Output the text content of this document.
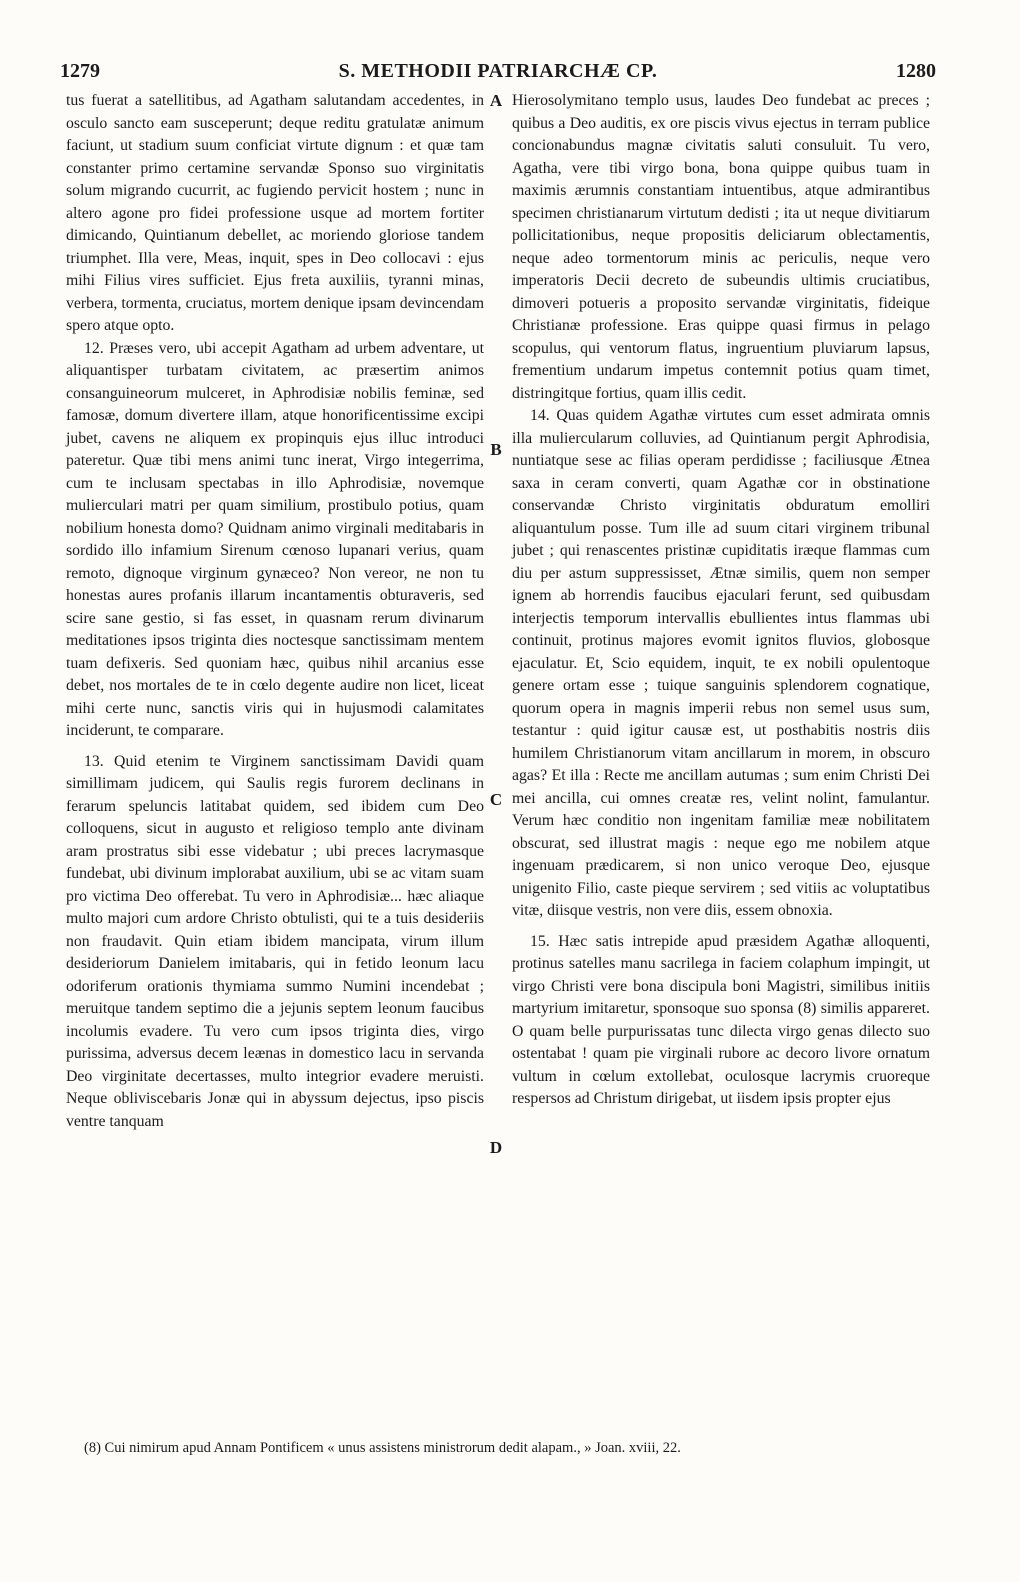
1279	S. METHODII PATRIARCHÆ CP.	1280

tus fuerat a satellitibus, ad Agatham salutandam accedentes, in osculo sancto eam susceperunt; deque reditu gratulatæ animum faciunt, ut stadium suum conficiat virtute dignum : et quæ tam constanter primo certamine servandæ Sponso suo virginitatis solum migrando cucurrit, ac fugiendo pervicit hostem ; nunc in altero agone pro fidei professione usque ad mortem fortiter dimicando, Quintianum debellet, ac moriendo gloriose tandem triumphet. Illa vere, Meas, inquit, spes in Deo collocavi : ejus mihi Filius vires sufficiet. Ejus freta auxiliis, tyranni minas, verbera, tormenta, cruciatus, mortem denique ipsam devincendam spero atque opto.

12. Præses vero, ubi accepit Agatham ad urbem adventare, ut aliquantisper turbatam civitatem, ac præsertim animos consanguineorum mulceret, in Aphrodisiæ nobilis feminæ, sed famosæ, domum divertere illam, atque honorificentissime excipi jubet, cavens ne aliquem ex propinquis ejus illuc introduci pateretur. Quæ tibi mens animi tunc inerat, Virgo integerrima, cum te inclusam spectabas in illo Aphrodisiæ, novemque mulierculari matri per quam similium, prostibulo potius, quam nobilium honesta domo? Quidnam animo virginali meditabaris in sordido illo infamium Sirenum cœnoso lupanari verius, quam remoto, dignoque virginum gynæceo? Non vereor, ne non tu honestas aures profanis illarum incantamentis obturaveris, sed scire sane gestio, si fas esset, in quasnam rerum divinarum meditationes ipsos triginta dies noctesque sanctissimam mentem tuam defixeris. Sed quoniam hæc, quibus nihil arcanius esse debet, nos mortales de te in cœlo degente audire non licet, liceat mihi certe nunc, sanctis viris qui in hujusmodi calamitates inciderunt, te comparare.

13. Quid etenim te Virginem sanctissimam Davidi quam simillimam judicem, qui Saulis regis furorem declinans in ferarum speluncis latitabat quidem, sed ibidem cum Deo colloquens, sicut in augusto et religioso templo ante divinam aram prostratus sibi esse videbatur ; ubi preces lacrymasque fundebat, ubi divinum implorabat auxilium, ubi se ac vitam suam pro victima Deo offerebat. Tu vero in Aphrodisiæ... hæc aliaque multo majori cum ardore Christo obtulisti, qui te a tuis desideriis non fraudavit. Quin etiam ibidem mancipata, virum illum desideriorum Danielem imitabaris, qui in fetido leonum lacu odoriferum orationis thymiama summo Numini incendebat ; meruitque tandem septimo die a jejunis septem leonum faucibus incolumis evadere. Tu vero cum ipsos triginta dies, virgo purissima, adversus decem leænas in domestico lacu in servanda Deo virginitate decertasses, multo integrior evadere meruisti. Neque obliviscebaris Jonæ qui in abyssum dejectus, ipso piscis ventre tanquam

Hierosolymitano templo usus, laudes Deo fundebat ac preces ; quibus a Deo auditis, ex ore piscis vivus ejectus in terram publice concionabundus magnæ civitatis saluti consuluit. Tu vero, Agatha, vere tibi virgo bona, bona quippe quibus tuam in maximis ærumnis constantiam intuentibus, atque admirantibus specimen christianarum virtutum dedisti ; ita ut neque divitiarum pollicitationibus, neque propositis deliciarum oblectamentis, neque adeo tormentorum minis ac periculis, neque vero imperatoris Decii decreto de subeundis ultimis cruciatibus, dimoveri potueris a proposito servandæ virginitatis, fideique Christianæ professione. Eras quippe quasi firmus in pelago scopulus, qui ventorum flatus, ingruentium pluviarum lapsus, frementium undarum impetus contemnit potius quam timet, distringitque fortius, quam illis cedit.

14. Quas quidem Agathæ virtutes cum esset admirata omnis illa muliercularum colluvies, ad Quintianum pergit Aphrodisia, nuntiatque sese ac filias operam perdidisse ; faciliusque Ætnea saxa in ceram converti, quam Agathæ cor in obstinatione conservandæ Christo virginitatis obduratum emolliri aliquantulum posse. Tum ille ad suum citari virginem tribunal jubet ; qui renascentes pristinæ cupiditatis iræque flammas cum diu per astum suppressisset, Ætnæ similis, quem non semper ignem ab horrendis faucibus ejaculari ferunt, sed quibusdam interjectis temporum intervallis ebullientes intus flammas ubi continuit, protinus majores evomit ignitos fluvios, globosque ejaculatur. Et, Scio equidem, inquit, te ex nobili opulentoque genere ortam esse ; tuique sanguinis splendorem cognatique, quorum opera in magnis imperii rebus non semel usus sum, testantur : quid igitur causæ est, ut posthabitis nostris diis humilem Christianorum vitam ancillarum in morem, in obscuro agas? Et illa : Recte me ancillam autumas ; sum enim Christi Dei mei ancilla, cui omnes creatæ res, velint nolint, famulantur. Verum hæc conditio non ingenitam familiæ meæ nobilitatem obscurat, sed illustrat magis : neque ego me nobilem atque ingenuam prædicarem, si non unico veroque Deo, ejusque unigenito Filio, caste pieque servirem ; sed vitiis ac voluptatibus vitæ, diisque vestris, non vere diis, essem obnoxia.

15. Hæc satis intrepide apud præsidem Agathæ alloquenti, protinus satelles manu sacrilega in faciem colaphum impingit, ut virgo Christi vere bona discipula boni Magistri, similibus initiis martyrium imitaretur, sponsoque suo sponsa (8) similis appareret. O quam belle purpurissatas tunc dilecta virgo genas dilecto suo ostentabat ! quam pie virginali rubore ac decoro livore ornatum vultum in cœlum extollebat, oculosque lacrymis cruoreque respersos ad Christum dirigebat, ut iisdem ipsis propter ejus

A
B
C
D
(8) Cui nimirum apud Annam Pontificem « unus assistens ministrorum dedit alapam., » Joan. xviii, 22.
